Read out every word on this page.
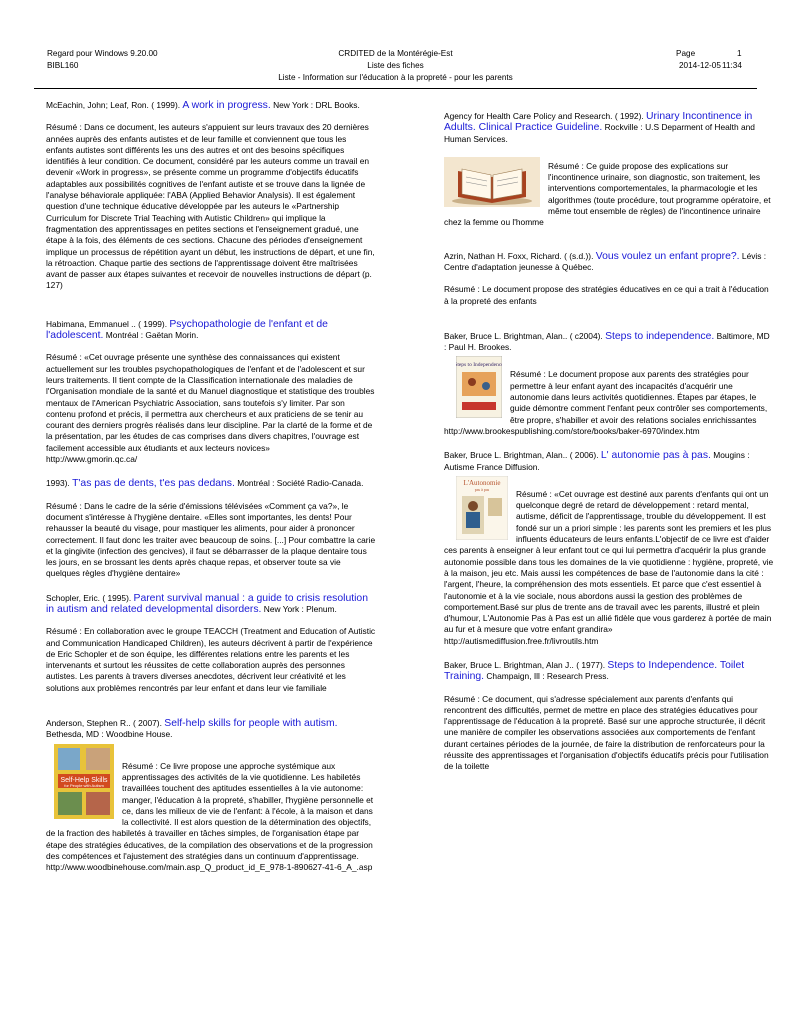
Regard pour Windows 9.20.00
BIBL160
CRDITED de la Montérégie-Est
Liste des fiches
Liste - Information sur l'éducation à la propreté - pour les parents
Page	1
2014-12-05 11:34

McEachin, John; Leaf, Ron. ( 1999). A work in progress. New York : DRL Books.

Résumé : Dans ce document, les auteurs s'appuient sur leurs travaux des 20 dernières années auprès des enfants autistes et de leur famille et conviennent que tous les enfants autistes sont différents les uns des autres et ont des besoins spécifiques identifiés à leur condition. Ce document, considéré par les auteurs comme un travail en devenir «Work in progress», se présente comme un programme d'objectifs éducatifs adaptables aux possibilités cognitives de l'enfant autiste et se trouve dans la lignée de l'analyse béhaviorale appliquée: l'ABA (Applied Behavior Analysis). Il est également question d'une technique éducative développée par les auteurs le «Partnership Curriculum for Discrete Trial Teaching with Autistic Children» qui implique la fragmentation des apprentissages en petites sections et l'enseignement gradué, une étape à la fois, des éléments de ces sections. Chacune des périodes d'enseignement implique un processus de répétition ayant un début, les instructions de départ, et une fin, la rétroaction. Chaque partie des sections de l'apprentissage doivent être maîtrisées avant de passer aux étapes suivantes et recevoir de nouvelles instructions de départ (p. 127)

Habimana, Emmanuel .. ( 1999). Psychopathologie de l'enfant et de l'adolescent. Montréal : Gaëtan Morin.

Résumé : «Cet ouvrage présente une synthèse des connaissances qui existent actuellement sur les troubles psychopathologiques de l'enfant et de l'adolescent et sur leurs traitements. Il tient compte de la Classification internationale des maladies de l'Organisation mondiale de la santé et du Manuel diagnostique et statistique des troubles mentaux de l'American Psychiatric Association, sans toutefois s'y limiter. Par son contenu profond et précis, il permettra aux chercheurs et aux praticiens de se tenir au courant des derniers progrès réalisés dans leur discipline. Par la clarté de la forme et de la présentation, par les études de cas comprises dans divers chapitres, l'ouvrage est facilement accessible aux étudiants et aux lecteurs novices»

http://www.gmorin.qc.ca/

1993). T'as pas de dents, t'es pas dedans. Montréal : Société Radio-Canada.

Résumé : Dans le cadre de la série d'émissions télévisées «Comment ça va?», le document s'intéresse à l'hygiène dentaire. «Elles sont importantes, les dents! Pour rehausser la beauté du visage, pour mastiquer les aliments, pour aider à prononcer correctement. Il faut donc les traiter avec beaucoup de soins. [...] Pour combattre la carie et la gingivite (infection des gencives), il faut se débarrasser de la plaque dentaire tous les jours, en se brossant les dents après chaque repas, et observer toute sa vie quelques règles d'hygiène dentaire»

Schopler, Eric. ( 1995). Parent survival manual : a guide to crisis resolution in autism and related developmental disorders. New York : Plenum.

Résumé : En collaboration avec le groupe TEACCH (Treatment and Education of Autistic and Communication Handicaped Children), les auteurs décrivent à partir de l'expérience de Eric Schopler et de son équipe, les différentes relations entre les parents et les intervenants et surtout les réussites de cette collaboration auprès des personnes autistes. Les parents à travers diverses anecdotes, décrivent leur créativité et les solutions aux problèmes rencontrés par leur enfant et dans leur vie familiale

Anderson, Stephen R.. ( 2007). Self-help skills for people with autism. Bethesda, MD : Woodbine House.

Self-Help Skills
for People with Autism

Résumé : Ce livre propose une approche systémique aux apprentissages des activités de la vie quotidienne. Les habiletés travaillées touchent des aptitudes essentielles à la vie autonome: manger, l'éducation à la propreté, s'habiller, l'hygiène personnelle et ce, dans les milieux de vie de l'enfant: à l'école, à la maison et dans la collectivité. Il est alors question de la détermination des objectifs, de la fraction des habiletés à travailler en tâches simples, de l'organisation étape par étape des stratégies éducatives, de la compilation des observations et de la progression des compétences et l'ajustement des stratégies dans un continuum d'apprentissage.

http://www.woodbinehouse.com/main.asp_Q_product_id_E_978-1-890627-41-6_A_.asp

Agency for Health Care Policy and Research. ( 1992). Urinary Incontinence in Adults. Clinical Practice Guideline. Rockville : U.S Deparment of Health and Human Services.

Résumé : Ce guide propose des explications sur l'incontinence urinaire, son diagnostic, son traitement, les interventions comportementales, la pharmacologie et les algorithmes (toute procédure, tout programme opératoire, et même tout ensemble de règles) de l'incontinence urinaire chez la femme ou l'homme

Azrin, Nathan H. Foxx, Richard. ( (s.d.)). Vous voulez un enfant propre?. Lévis : Centre d'adaptation jeunesse à Québec.

Résumé : Le document propose des stratégies éducatives en ce qui a trait à l'éducation à la propreté des enfants

Baker, Bruce L. Brightman, Alan.. ( c2004). Steps to independence. Baltimore, MD : Paul H. Brookes.

Steps to Independence

Résumé : Le document propose aux parents des stratégies pour permettre à leur enfant ayant des incapacités d'acquérir une autonomie dans leurs activités quotidiennes. Étapes par étapes, le guide démontre comment l'enfant peux contrôler ses comportements, être propre, s'habiller et avoir des relations sociales enrichissantes

http://www.brookespublishing.com/store/books/baker-6970/index.htm

Baker, Bruce L. Brightman, Alan.. ( 2006). L' autonomie pas à pas. Mougins : Autisme France Diffusion.

L'Autonomie
pas à pas	Résumé : «Cet ouvrage est destiné aux parents d'enfants qui ont un quelconque degré de retard de développement : retard mental, autisme, déficit de l'apprentissage, trouble du développement. Il est fondé sur un a priori simple : les parents sont les premiers et les plus influents éducateurs de leurs enfants.L'objectif de ce livre est d'aider ces parents à enseigner à leur enfant tout ce qui lui permettra d'acquérir la plus grande autonomie possible dans tous les domaines de la vie quotidienne : hygiène, propreté, vie à la maison, jeu etc. Mais aussi les compétences de base de l'autonomie dans la cité : l'argent, l'heure, la compréhension des mots essentiels. Et parce que c'est essentiel à l'autonomie et à la vie sociale, nous abordons aussi la gestion des problèmes de comportement.Basé sur plus de trente ans de travail avec les parents, illustré et plein d'humour, L'Autonomie Pas à Pas est un allié fidèle que vous garderez à portée de main au fur et à mesure que votre enfant grandira»

http://autismediffusion.free.fr/livroutils.htm

Baker, Bruce L. Brightman, Alan J.. ( 1977). Steps to Independence. Toilet Training. Champaign, Ill : Research Press.

Résumé : Ce document, qui s'adresse spécialement aux parents d'enfants qui rencontrent des difficultés, permet de mettre en place des stratégies éducatives pour l'apprentissage de l'éducation à la propreté. Basé sur une approche structurée, il décrit une manière de compiler les observations associées aux comportements de l'enfant durant certaines périodes de la journée, de faire la distribution de renforcateurs pour la réussite des apprentissages et l'organisation d'objectifs éducatifs précis pour l'utilisation de la toilette
